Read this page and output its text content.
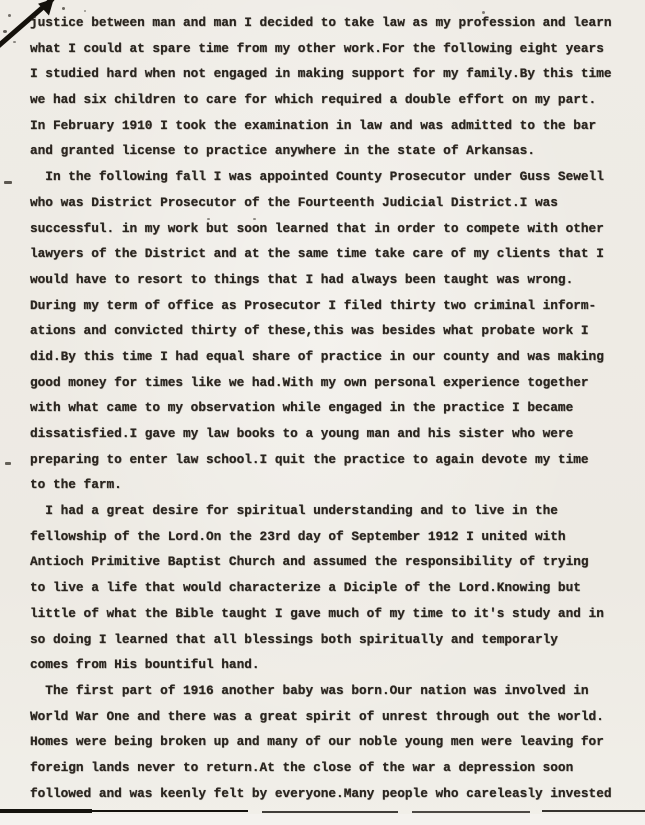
justice between man and man I decided to take law as my profession and learn
what I could at spare time from my other work.For the following eight years
I studied hard when not engaged in making support for my family.By this time
we had six children to care for which required a double effort on my part.
In February 1910 I took the examination in law and was admitted to the bar
and granted license to practice anywhere in the state of Arkansas.
In the following fall I was appointed County Prosecutor under Guss Sewell
who was District Prosecutor of the Fourteenth Judicial District.I was
successful. in my work but soon learned that in order to compete with other
lawyers of the District and at the same time take care of my clients that I
would have to resort to things that I had always been taught was wrong.
During my term of office as Prosecutor I filed thirty two criminal inform-
ations and convicted thirty of these,this was besides what probate work I
did.By this time I had equal share of practice in our county and was making
good money for times like we had.With my own personal experience together
with what came to my observation while engaged in the practice I became
dissatisfied.I gave my law books to a young man and his sister who were
preparing to enter law school.I quit the practice to again devote my time
to the farm.
I had a great desire for spiritual understanding and to live in the
fellowship of the Lord.On the 23rd day of September 1912 I united with
Antioch Primitive Baptist Church and assumed the responsibility of trying
to live a life that would characterize a Diciple of the Lord.Knowing but
little of what the Bible taught I gave much of my time to it's study and in
so doing I learned that all blessings both spiritually and temporarly
comes from His bountiful hand.
The first part of 1916 another baby was born.Our nation was involved in
World War One and there was a great spirit of unrest through out the world.
Homes were being broken up and many of our noble young men were leaving for
foreign lands never to return.At the close of the war a depression soon
followed and was keenly felt by everyone.Many people who careleasly invested
